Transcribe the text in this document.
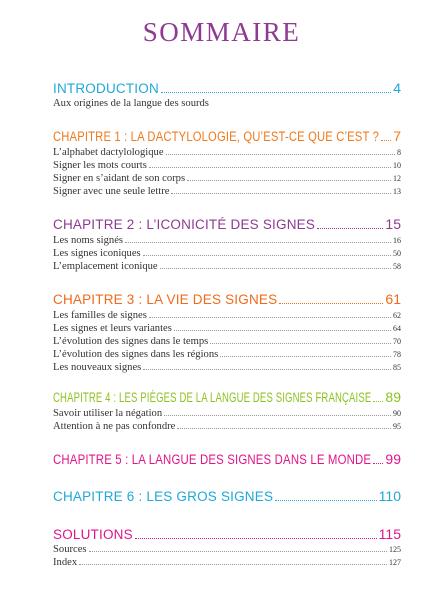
SOMMAIRE
INTRODUCTION	4
Aux origines de la langue des sourds
CHAPITRE 1 : LA DACTYLOLOGIE, QU’EST-CE QUE C’EST ? 7
L’alphabet dactylologique	8
Signer les mots courts	10
Signer en s’aidant de son corps	12
Signer avec une seule lettre	13
CHAPITRE 2 : L’ICONICITÉ DES SIGNES	15
Les noms signés	16
Les signes iconiques	50
L’emplacement iconique	58
CHAPITRE 3 : LA VIE DES SIGNES	61
Les familles de signes	62
Les signes et leurs variantes	64
L’évolution des signes dans le temps	70
L’évolution des signes dans les régions	78
Les nouveaux signes	85
CHAPITRE 4 : LES PIÈGES DE LA LANGUE DES SIGNES FRANÇAISE 89
Savoir utiliser la négation	90
Attention à ne pas confondre	95
CHAPITRE 5 : LA LANGUE DES SIGNES DANS LE MONDE 99
CHAPITRE 6 : LES GROS SIGNES	110
SOLUTIONS	115
Sources	125
Index	127
